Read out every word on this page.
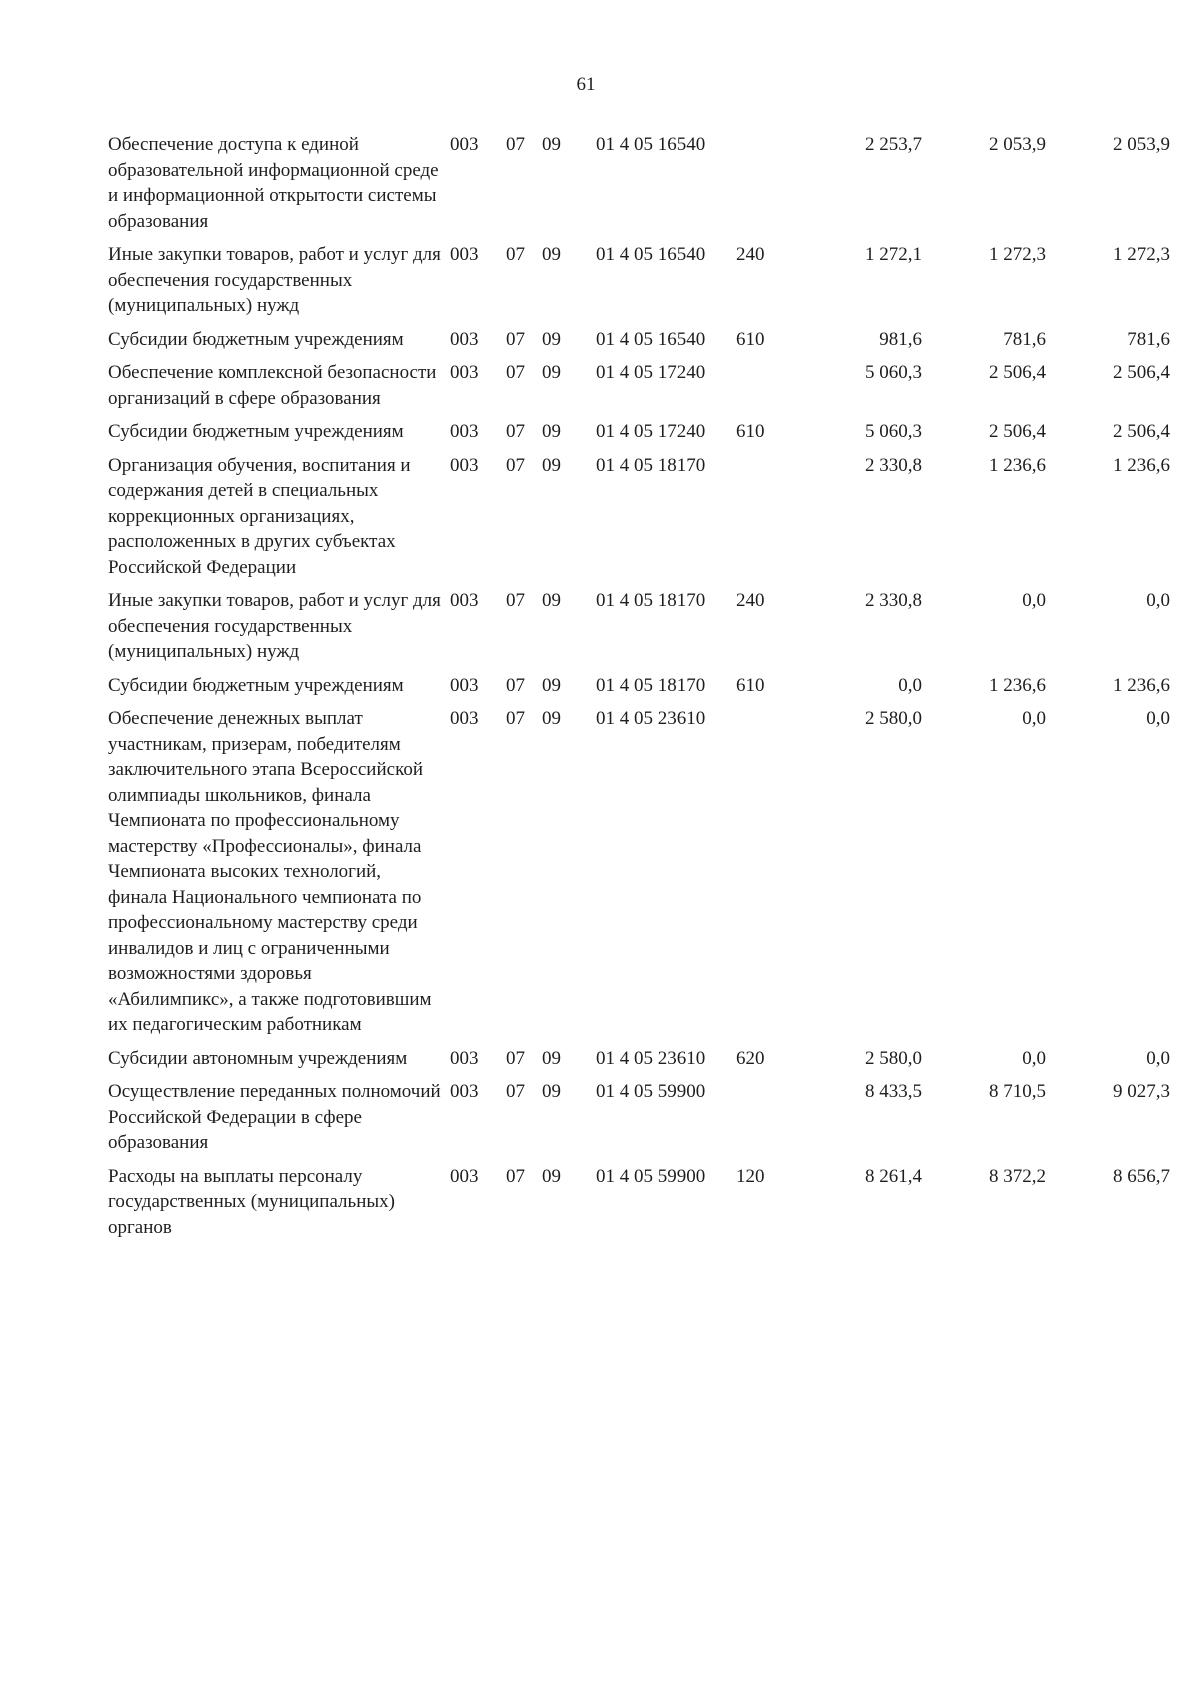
61
Обеспечение доступа к единой образовательной информационной среде и информационной открытости системы образования	003	07	09	01 4 05 16540		2 253,7	2 053,9	2 053,9
Иные закупки товаров, работ и услуг для обеспечения государственных (муниципальных) нужд	003	07	09	01 4 05 16540	240	1 272,1	1 272,3	1 272,3
Субсидии бюджетным учреждениям	003	07	09	01 4 05 16540	610	981,6	781,6	781,6
Обеспечение комплексной безопасности организаций в сфере образования	003	07	09	01 4 05 17240		5 060,3	2 506,4	2 506,4
Субсидии бюджетным учреждениям	003	07	09	01 4 05 17240	610	5 060,3	2 506,4	2 506,4
Организация обучения, воспитания и содержания детей в специальных коррекционных организациях, расположенных в других субъектах Российской Федерации	003	07	09	01 4 05 18170		2 330,8	1 236,6	1 236,6
Иные закупки товаров, работ и услуг для обеспечения государственных (муниципальных) нужд	003	07	09	01 4 05 18170	240	2 330,8	0,0	0,0
Субсидии бюджетным учреждениям	003	07	09	01 4 05 18170	610	0,0	1 236,6	1 236,6
Обеспечение денежных выплат участникам, призерам, победителям заключительного этапа Всероссийской олимпиады школьников, финала Чемпионата по профессиональному мастерству «Профессионалы», финала Чемпионата высоких технологий, финала Национального чемпионата по профессиональному мастерству среди инвалидов и лиц с ограниченными возможностями здоровья «Абилимпикс», а также подготовившим их педагогическим работникам	003	07	09	01 4 05 23610		2 580,0	0,0	0,0
Субсидии автономным учреждениям	003	07	09	01 4 05 23610	620	2 580,0	0,0	0,0
Осуществление переданных полномочий Российской Федерации в сфере образования	003	07	09	01 4 05 59900		8 433,5	8 710,5	9 027,3
Расходы на выплаты персоналу государственных (муниципальных) органов	003	07	09	01 4 05 59900	120	8 261,4	8 372,2	8 656,7
